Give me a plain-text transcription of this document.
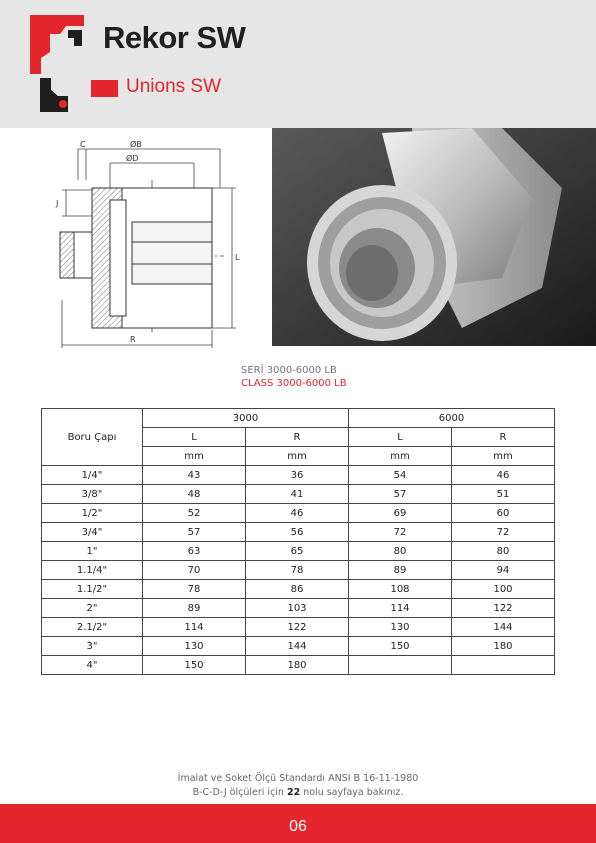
Rekor SW
Unions SW
C	ØB
ØD
J
L
R
SERİ 3000-6000 LB
CLASS 3000-6000 LB
Boru Çapı	3000		6000	
	L	R	L	R
	mm	mm	mm	mm
1/4"	43	36	54	46
3/8"	48	41	57	51
1/2"	52	46	69	60
3/4"	57	56	72	72
1"	63	65	80	80
1.1/4"	70	78	89	94
1.1/2"	78	86	108	100
2"	89	103	114	122
2.1/2"	114	122	130	144
3"	130	144	150	180
4"	150	180		
İmalat ve Soket Ölçü Standardı ANSI B 16-11-1980
B-C-D-J ölçüleri için 22 nolu sayfaya bakınız.
06
